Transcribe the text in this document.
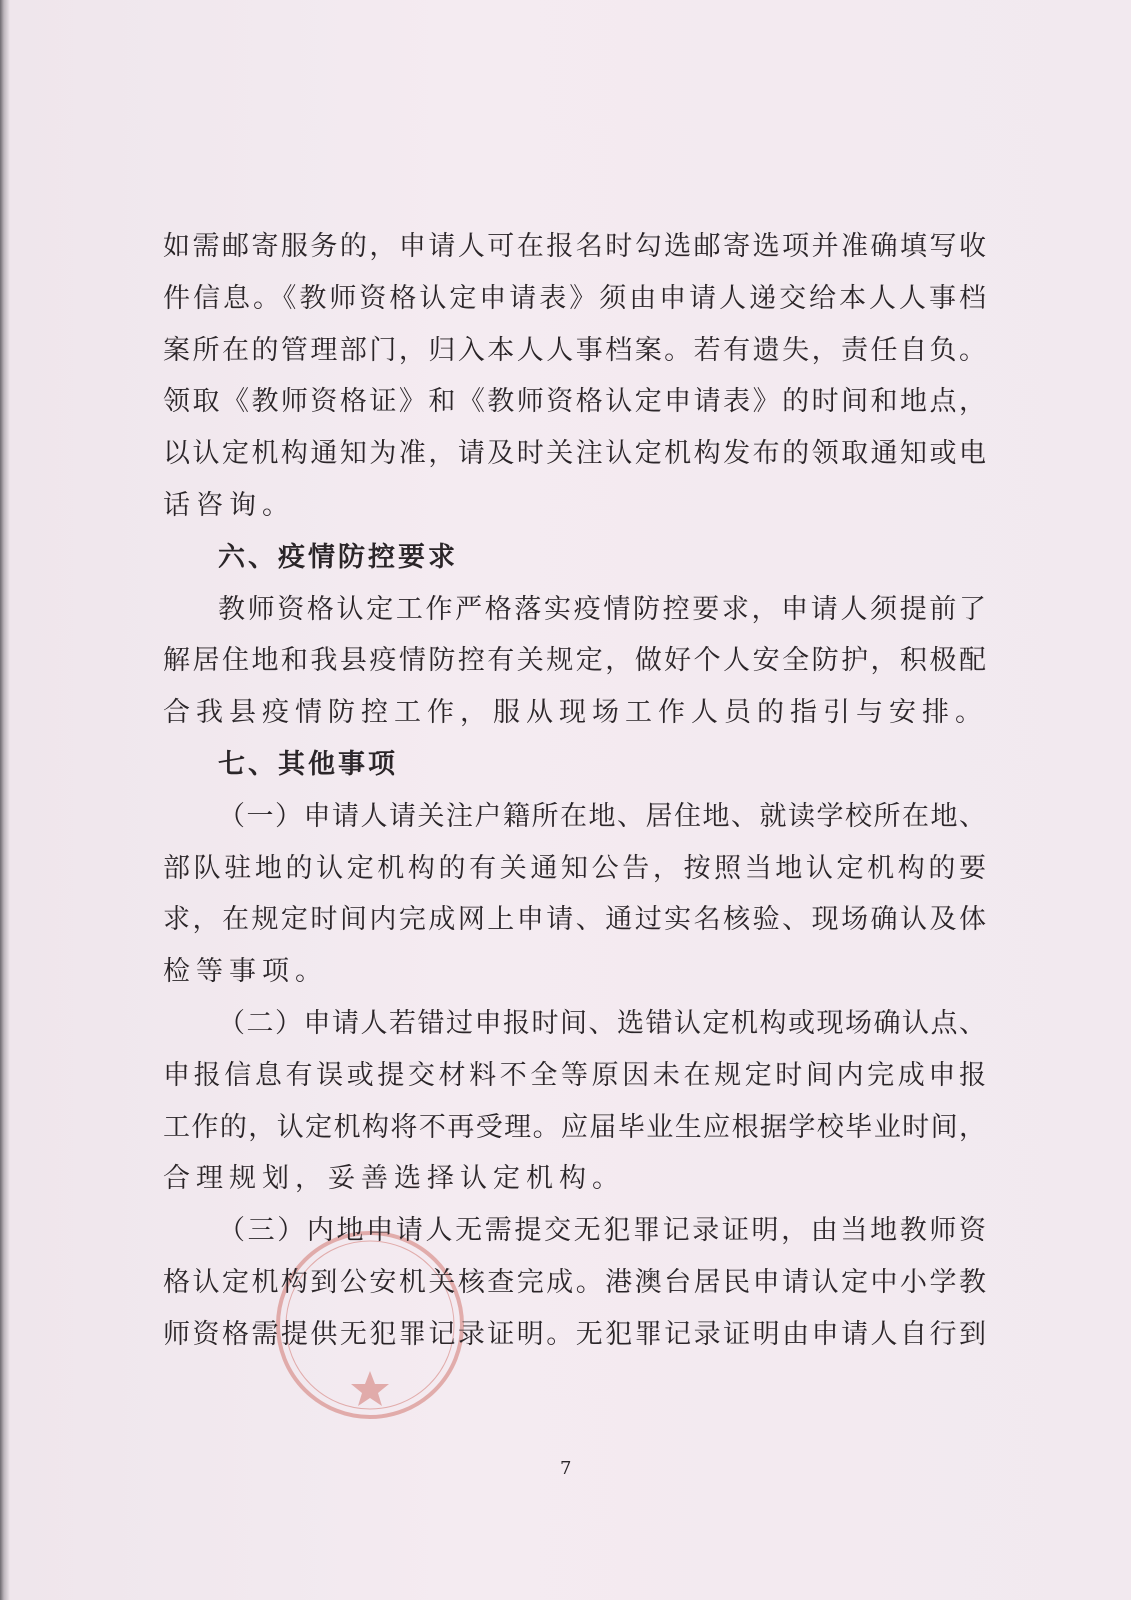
如需邮寄服务的，申请人可在报名时勾选邮寄选项并准确填写收
件信息。《教师资格认定申请表》须由申请人递交给本人人事档
案所在的管理部门，归入本人人事档案。若有遗失，责任自负。
领取《教师资格证》和《教师资格认定申请表》的时间和地点，
以认定机构通知为准，请及时关注认定机构发布的领取通知或电
话咨询。
六、疫情防控要求
教师资格认定工作严格落实疫情防控要求，申请人须提前了
解居住地和我县疫情防控有关规定，做好个人安全防护，积极配
合我县疫情防控工作，服从现场工作人员的指引与安排。
七、其他事项
（一）申请人请关注户籍所在地、居住地、就读学校所在地、
部队驻地的认定机构的有关通知公告，按照当地认定机构的要
求，在规定时间内完成网上申请、通过实名核验、现场确认及体
检等事项。
（二）申请人若错过申报时间、选错认定机构或现场确认点、
申报信息有误或提交材料不全等原因未在规定时间内完成申报
工作的，认定机构将不再受理。应届毕业生应根据学校毕业时间，
合理规划，妥善选择认定机构。
（三）内地申请人无需提交无犯罪记录证明，由当地教师资
格认定机构到公安机关核查完成。港澳台居民申请认定中小学教
师资格需提供无犯罪记录证明。无犯罪记录证明由申请人自行到
7
